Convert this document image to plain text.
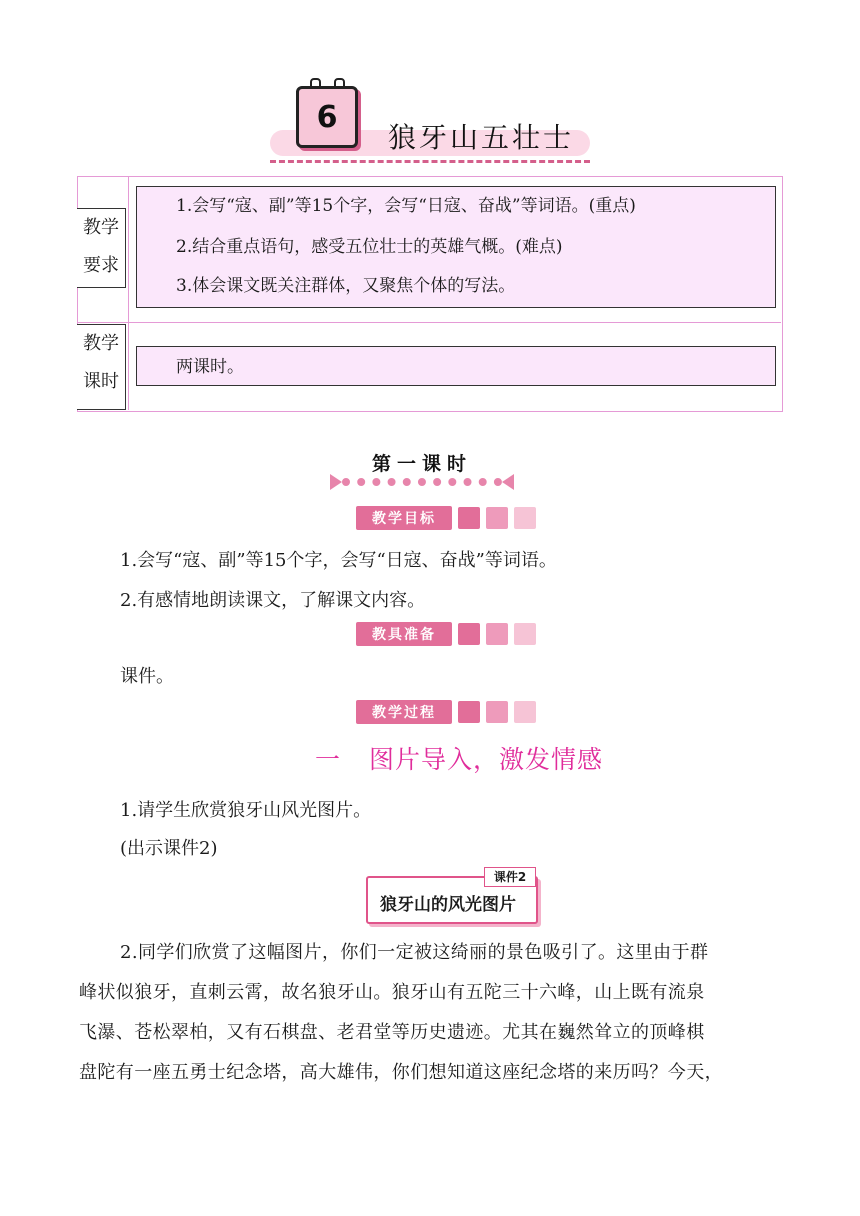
6
狼牙山五壮士
教学
要求
1.会写“寇、副”等15个字，会写“日寇、奋战”等词语。(重点)
2.结合重点语句，感受五位壮士的英雄气概。(难点)
3.体会课文既关注群体，又聚焦个体的写法。
教学
课时
两课时。
第一课时
教学目标
1.会写“寇、副”等15个字，会写“日寇、奋战”等词语。
2.有感情地朗读课文，了解课文内容。
教具准备
课件。
教学过程
一 图片导入，激发情感
1.请学生欣赏狼牙山风光图片。
(出示课件2)
课件2
狼牙山的风光图片
2.同学们欣赏了这幅图片，你们一定被这绮丽的景色吸引了。这里由于群
峰状似狼牙，直刺云霄，故名狼牙山。狼牙山有五陀三十六峰，山上既有流泉
飞瀑、苍松翠柏，又有石棋盘、老君堂等历史遗迹。尤其在巍然耸立的顶峰棋
盘陀有一座五勇士纪念塔，高大雄伟，你们想知道这座纪念塔的来历吗？今天，
